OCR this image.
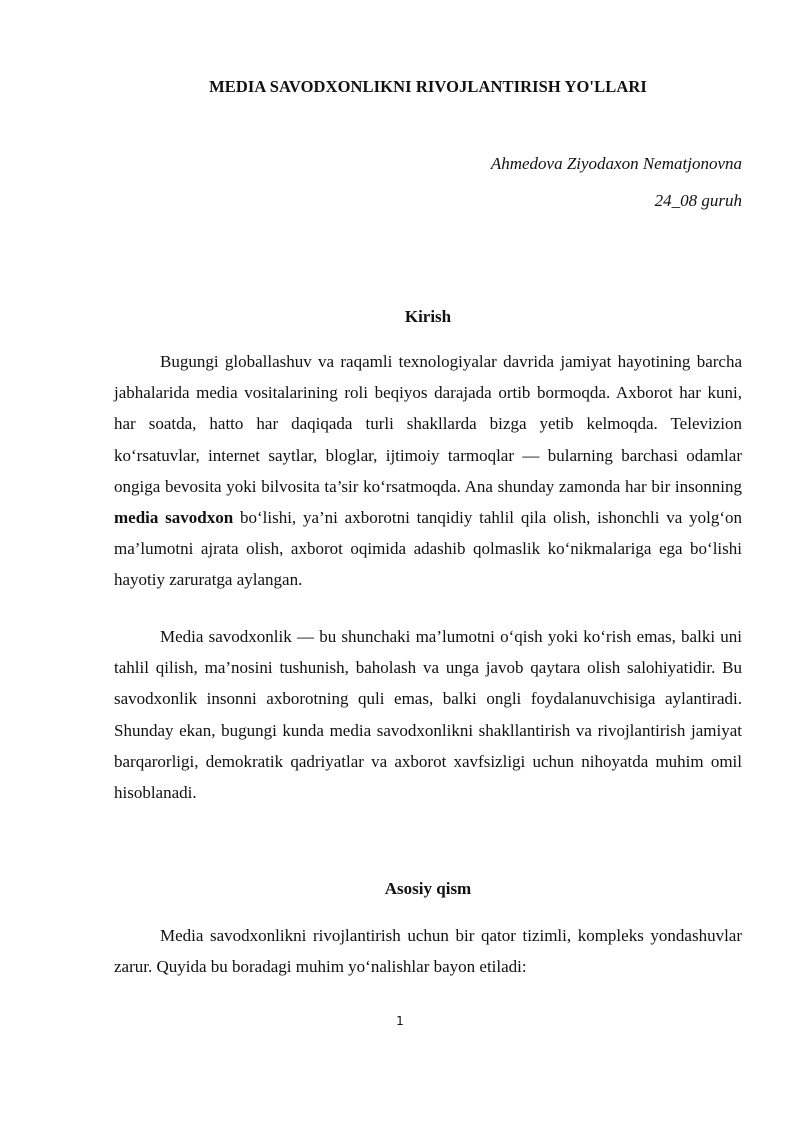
MEDIA SAVODXONLIKNI RIVOJLANTIRISH YO'LLARI
Ahmedova Ziyodaxon Nematjonovna
24_08 guruh
Kirish

Bugungi globallashuv va raqamli texnologiyalar davrida jamiyat hayotining barcha jabhalarida media vositalarining roli beqiyos darajada ortib bormoqda. Axborot har kuni, har soatda, hatto har daqiqada turli shakllarda bizga yetib kelmoqda. Televizion ko‘rsatuvlar, internet saytlar, bloglar, ijtimoiy tarmoqlar — bularning barchasi odamlar ongiga bevosita yoki bilvosita ta’sir ko‘rsatmoqda. Ana shunday zamonda har bir insonning media savodxon bo‘lishi, ya’ni axborotni tanqidiy tahlil qila olish, ishonchli va yolg‘on ma’lumotni ajrata olish, axborot oqimida adashib qolmaslik ko‘nikmalariga ega bo‘lishi hayotiy zaruratga aylangan.

Media savodxonlik — bu shunchaki ma’lumotni o‘qish yoki ko‘rish emas, balki uni tahlil qilish, ma’nosini tushunish, baholash va unga javob qaytara olish salohiyatidir. Bu savodxonlik insonni axborotning quli emas, balki ongli foydalanuvchisiga aylantiradi. Shunday ekan, bugungi kunda media savodxonlikni shakllantirish va rivojlantirish jamiyat barqarorligi, demokratik qadriyatlar va axborot xavfsizligi uchun nihoyatda muhim omil hisoblanadi.

Asosiy qism

Media savodxonlikni rivojlantirish uchun bir qator tizimli, kompleks yondashuvlar zarur. Quyida bu boradagi muhim yo‘nalishlar bayon etiladi:

1
